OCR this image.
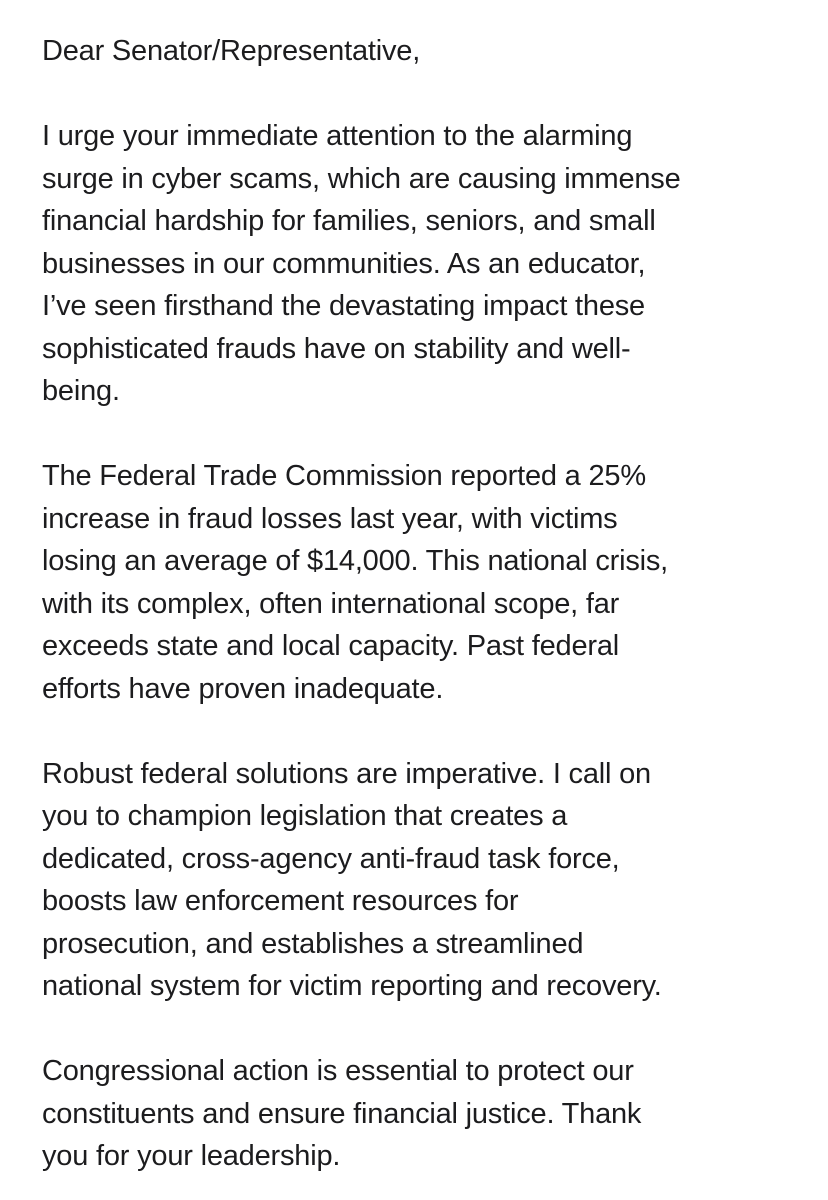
Dear Senator/Representative,

I urge your immediate attention to the alarming
surge in cyber scams, which are causing immense
financial hardship for families, seniors, and small
businesses in our communities. As an educator,
I’ve seen firsthand the devastating impact these
sophisticated frauds have on stability and well-
being.

The Federal Trade Commission reported a 25%
increase in fraud losses last year, with victims
losing an average of $14,000. This national crisis,
with its complex, often international scope, far
exceeds state and local capacity. Past federal
efforts have proven inadequate.

Robust federal solutions are imperative. I call on
you to champion legislation that creates a
dedicated, cross-agency anti-fraud task force,
boosts law enforcement resources for
prosecution, and establishes a streamlined
national system for victim reporting and recovery.

Congressional action is essential to protect our
constituents and ensure financial justice. Thank
you for your leadership.
